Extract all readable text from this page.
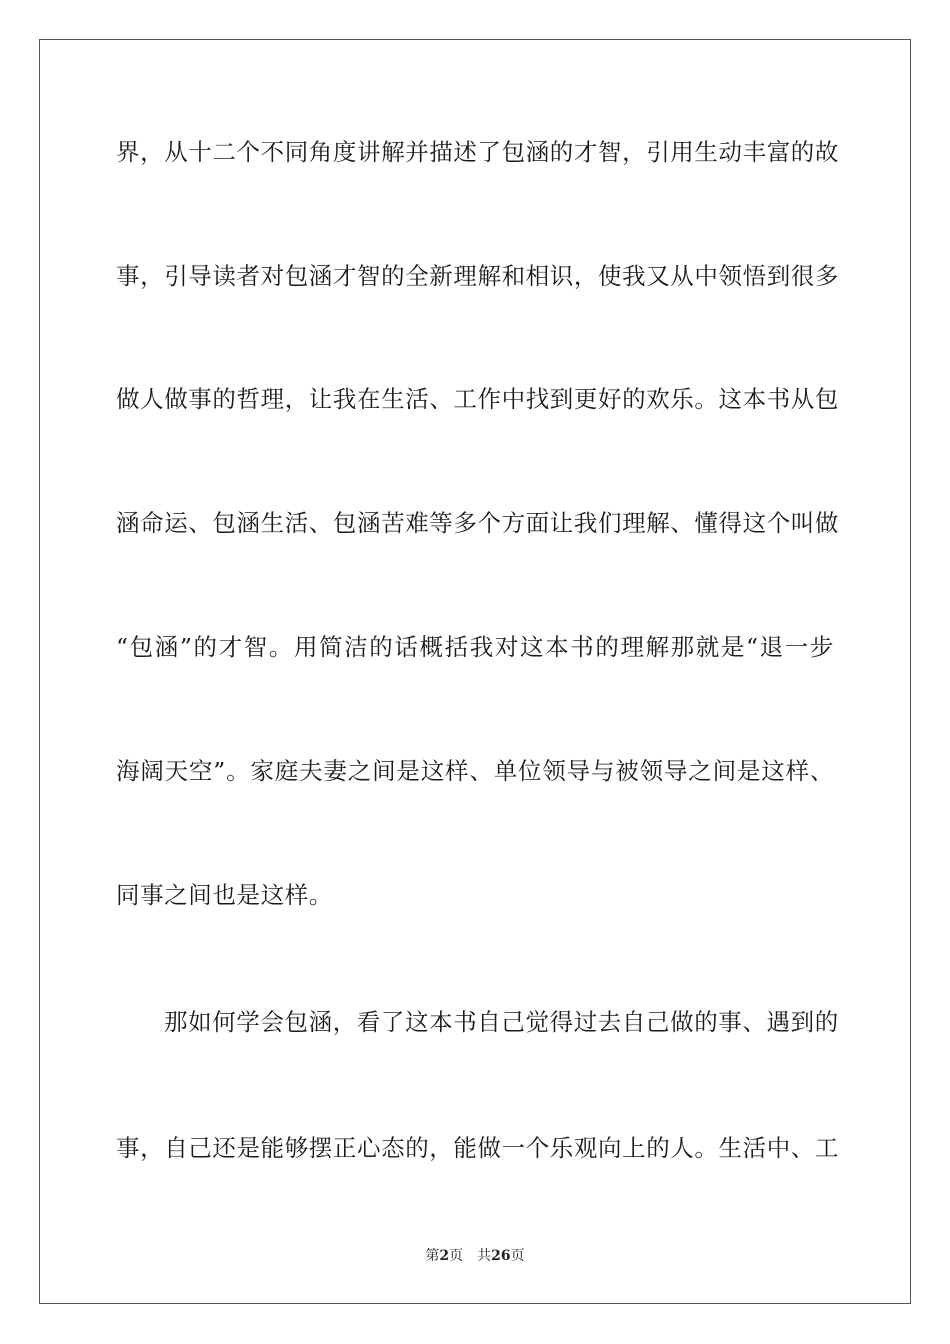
界，从十二个不同角度讲解并描述了包涵的才智，引用生动丰富的故
事，引导读者对包涵才智的全新理解和相识，使我又从中领悟到很多
做人做事的哲理，让我在生活、工作中找到更好的欢乐。这本书从包
涵命运、包涵生活、包涵苦难等多个方面让我们理解、懂得这个叫做
“包涵”的才智。用简洁的话概括我对这本书的理解那就是“退一步
海阔天空”。家庭夫妻之间是这样、单位领导与被领导之间是这样、
同事之间也是这样。
那如何学会包涵，看了这本书自己觉得过去自己做的事、遇到的
事，自己还是能够摆正心态的，能做一个乐观向上的人。生活中、工
第2页 共26页
